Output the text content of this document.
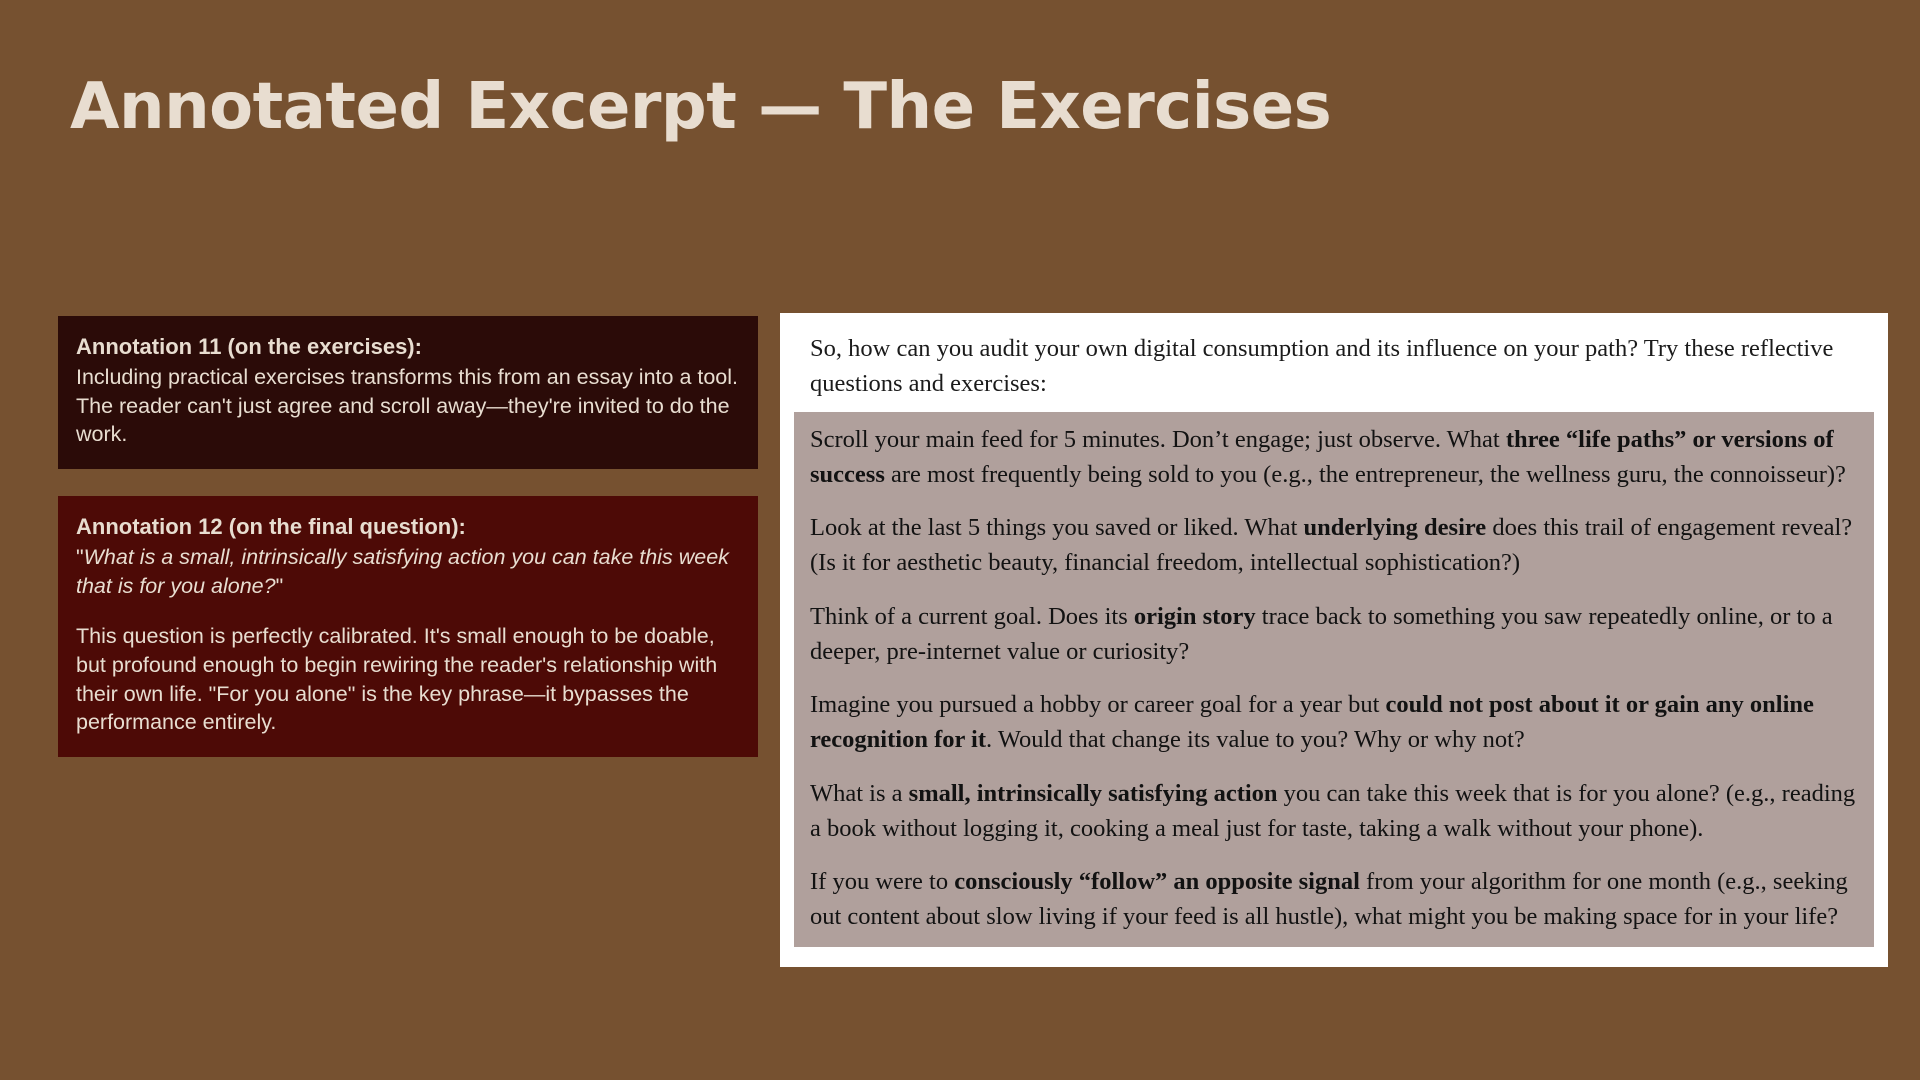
Annotated Excerpt — The Exercises
Annotation 11 (on the exercises):
Including practical exercises transforms this from an essay into a tool. The reader can't just agree and scroll away—they're invited to do the work.
Annotation 12 (on the final question):
"What is a small, intrinsically satisfying action you can take this week that is for you alone?"
This question is perfectly calibrated. It's small enough to be doable, but profound enough to begin rewiring the reader's relationship with their own life. "For you alone" is the key phrase—it bypasses the performance entirely.
So, how can you audit your own digital consumption and its influence on your path? Try these reflective questions and exercises:

Scroll your main feed for 5 minutes. Don’t engage; just observe. What three “life paths” or versions of success are most frequently being sold to you (e.g., the entrepreneur, the wellness guru, the connoisseur)?

Look at the last 5 things you saved or liked. What underlying desire does this trail of engagement reveal? (Is it for aesthetic beauty, financial freedom, intellectual sophistication?)

Think of a current goal. Does its origin story trace back to something you saw repeatedly online, or to a deeper, pre-internet value or curiosity?

Imagine you pursued a hobby or career goal for a year but could not post about it or gain any online recognition for it. Would that change its value to you? Why or why not?

What is a small, intrinsically satisfying action you can take this week that is for you alone? (e.g., reading a book without logging it, cooking a meal just for taste, taking a walk without your phone).

If you were to consciously “follow” an opposite signal from your algorithm for one month (e.g., seeking out content about slow living if your feed is all hustle), what might you be making space for in your life?
